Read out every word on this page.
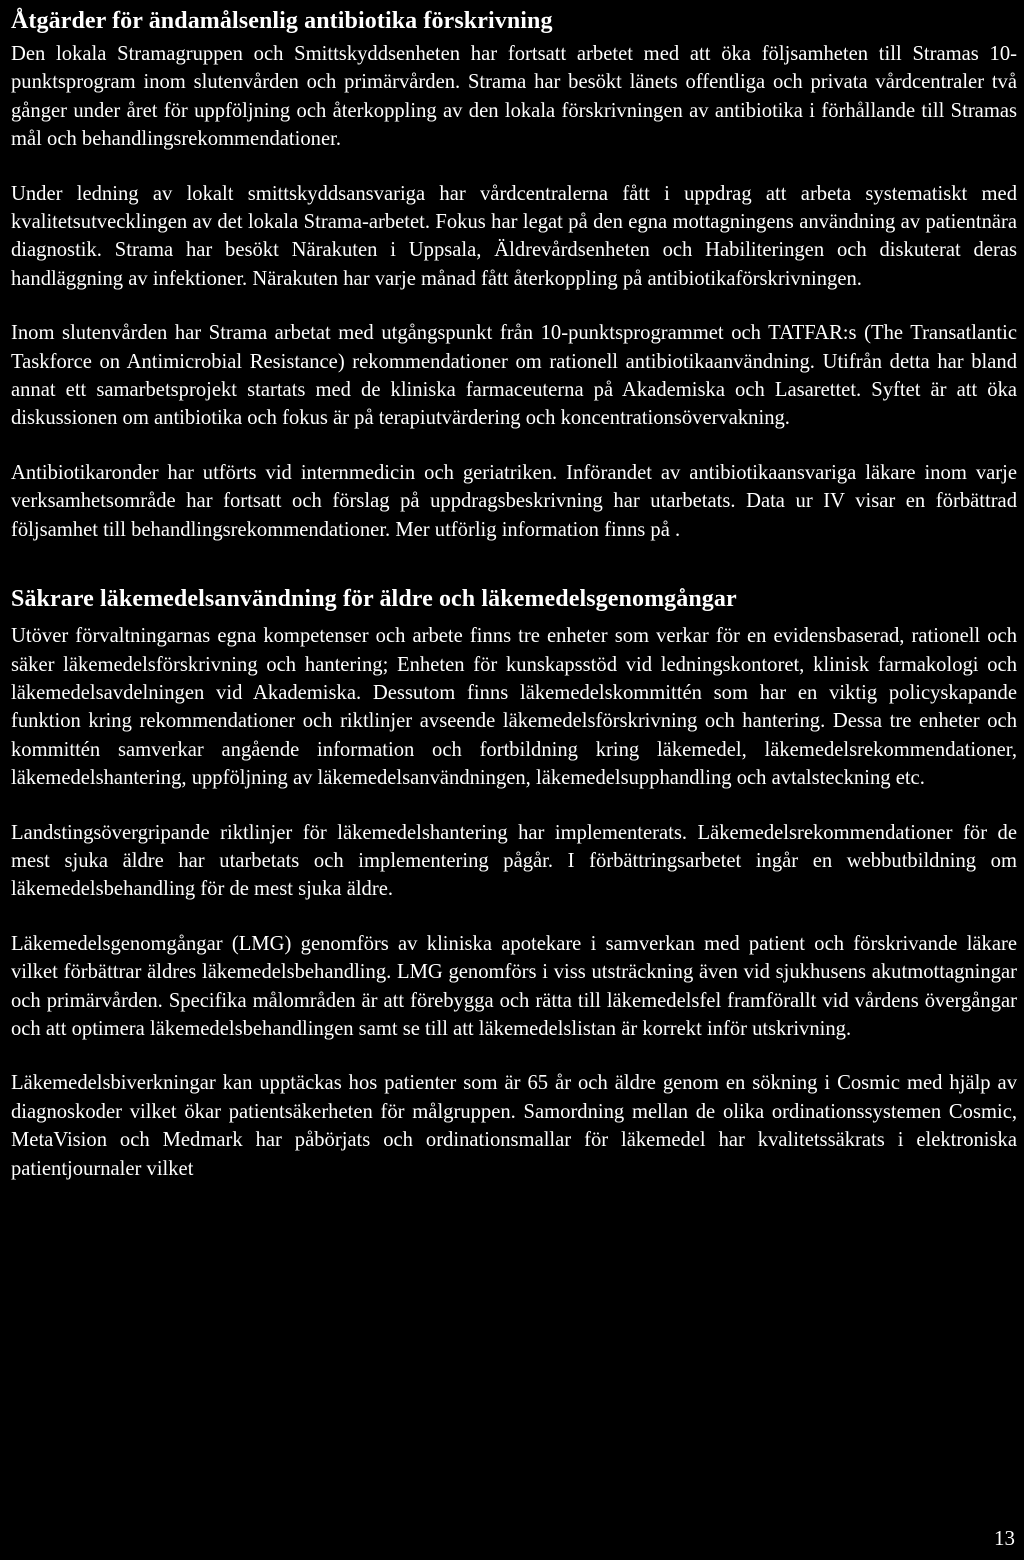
Åtgärder för ändamålsenlig antibiotika förskrivning

Den lokala Stramagruppen och Smittskyddsenheten har fortsatt arbetet med att öka följsamheten till Stramas 10-punktsprogram inom slutenvården och primärvården. Strama har besökt länets offentliga och privata vårdcentraler två gånger under året för uppföljning och återkoppling av den lokala förskrivningen av antibiotika i förhållande till Stramas mål och behandlingsrekommendationer.

Under ledning av lokalt smittskyddsansvariga har vårdcentralerna fått i uppdrag att arbeta systematiskt med kvalitetsutvecklingen av det lokala Strama-arbetet. Fokus har legat på den egna mottagningens användning av patientnära diagnostik. Strama har besökt Närakuten i Uppsala, Äldrevårdsenheten och Habiliteringen och diskuterat deras handläggning av infektioner. Närakuten har varje månad fått återkoppling på antibiotikaförskrivningen.

Inom slutenvården har Strama arbetat med utgångspunkt från 10-punktsprogrammet och TATFAR:s (The Transatlantic Taskforce on Antimicrobial Resistance) rekommendationer om rationell antibiotikaanvändning. Utifrån detta har bland annat ett samarbetsprojekt startats med de kliniska farmaceuterna på Akademiska och Lasarettet. Syftet är att öka diskussionen om antibiotika och fokus är på terapiutvärdering och koncentrationsövervakning.

Antibiotikaronder har utförts vid internmedicin och geriatriken. Införandet av antibiotikaansvariga läkare inom varje verksamhetsområde har fortsatt och förslag på uppdragsbeskrivning har utarbetats. Data ur IV visar en förbättrad följsamhet till behandlingsrekommendationer. Mer utförlig information finns på .

Säkrare läkemedelsanvändning för äldre och läkemedelsgenomgångar

Utöver förvaltningarnas egna kompetenser och arbete finns tre enheter som verkar för en evidensbaserad, rationell och säker läkemedelsförskrivning och hantering; Enheten för kunskapsstöd vid ledningskontoret, klinisk farmakologi och läkemedelsavdelningen vid Akademiska. Dessutom finns läkemedelskommittén som har en viktig policyskapande funktion kring rekommendationer och riktlinjer avseende läkemedelsförskrivning och hantering. Dessa tre enheter och kommittén samverkar angående information och fortbildning kring läkemedel, läkemedelsrekommendationer, läkemedelshantering, uppföljning av läkemedelsanvändningen, läkemedelsupphandling och avtalsteckning etc.

Landstingsövergripande riktlinjer för läkemedelshantering har implementerats. Läkemedelsrekommendationer för de mest sjuka äldre har utarbetats och implementering pågår. I förbättringsarbetet ingår en webbutbildning om läkemedelsbehandling för de mest sjuka äldre.

Läkemedelsgenomgångar (LMG) genomförs av kliniska apotekare i samverkan med patient och förskrivande läkare vilket förbättrar äldres läkemedelsbehandling. LMG genomförs i viss utsträckning även vid sjukhusens akutmottagningar och primärvården. Specifika målområden är att förebygga och rätta till läkemedelsfel framförallt vid vårdens övergångar och att optimera läkemedelsbehandlingen samt se till att läkemedelslistan är korrekt inför utskrivning.

Läkemedelsbiverkningar kan upptäckas hos patienter som är 65 år och äldre genom en sökning i Cosmic med hjälp av diagnoskoder vilket ökar patientsäkerheten för målgruppen. Samordning mellan de olika ordinationssystemen Cosmic, MetaVision och Medmark har påbörjats och ordinationsmallar för läkemedel har kvalitetssäkrats i elektroniska patientjournaler vilket

13
